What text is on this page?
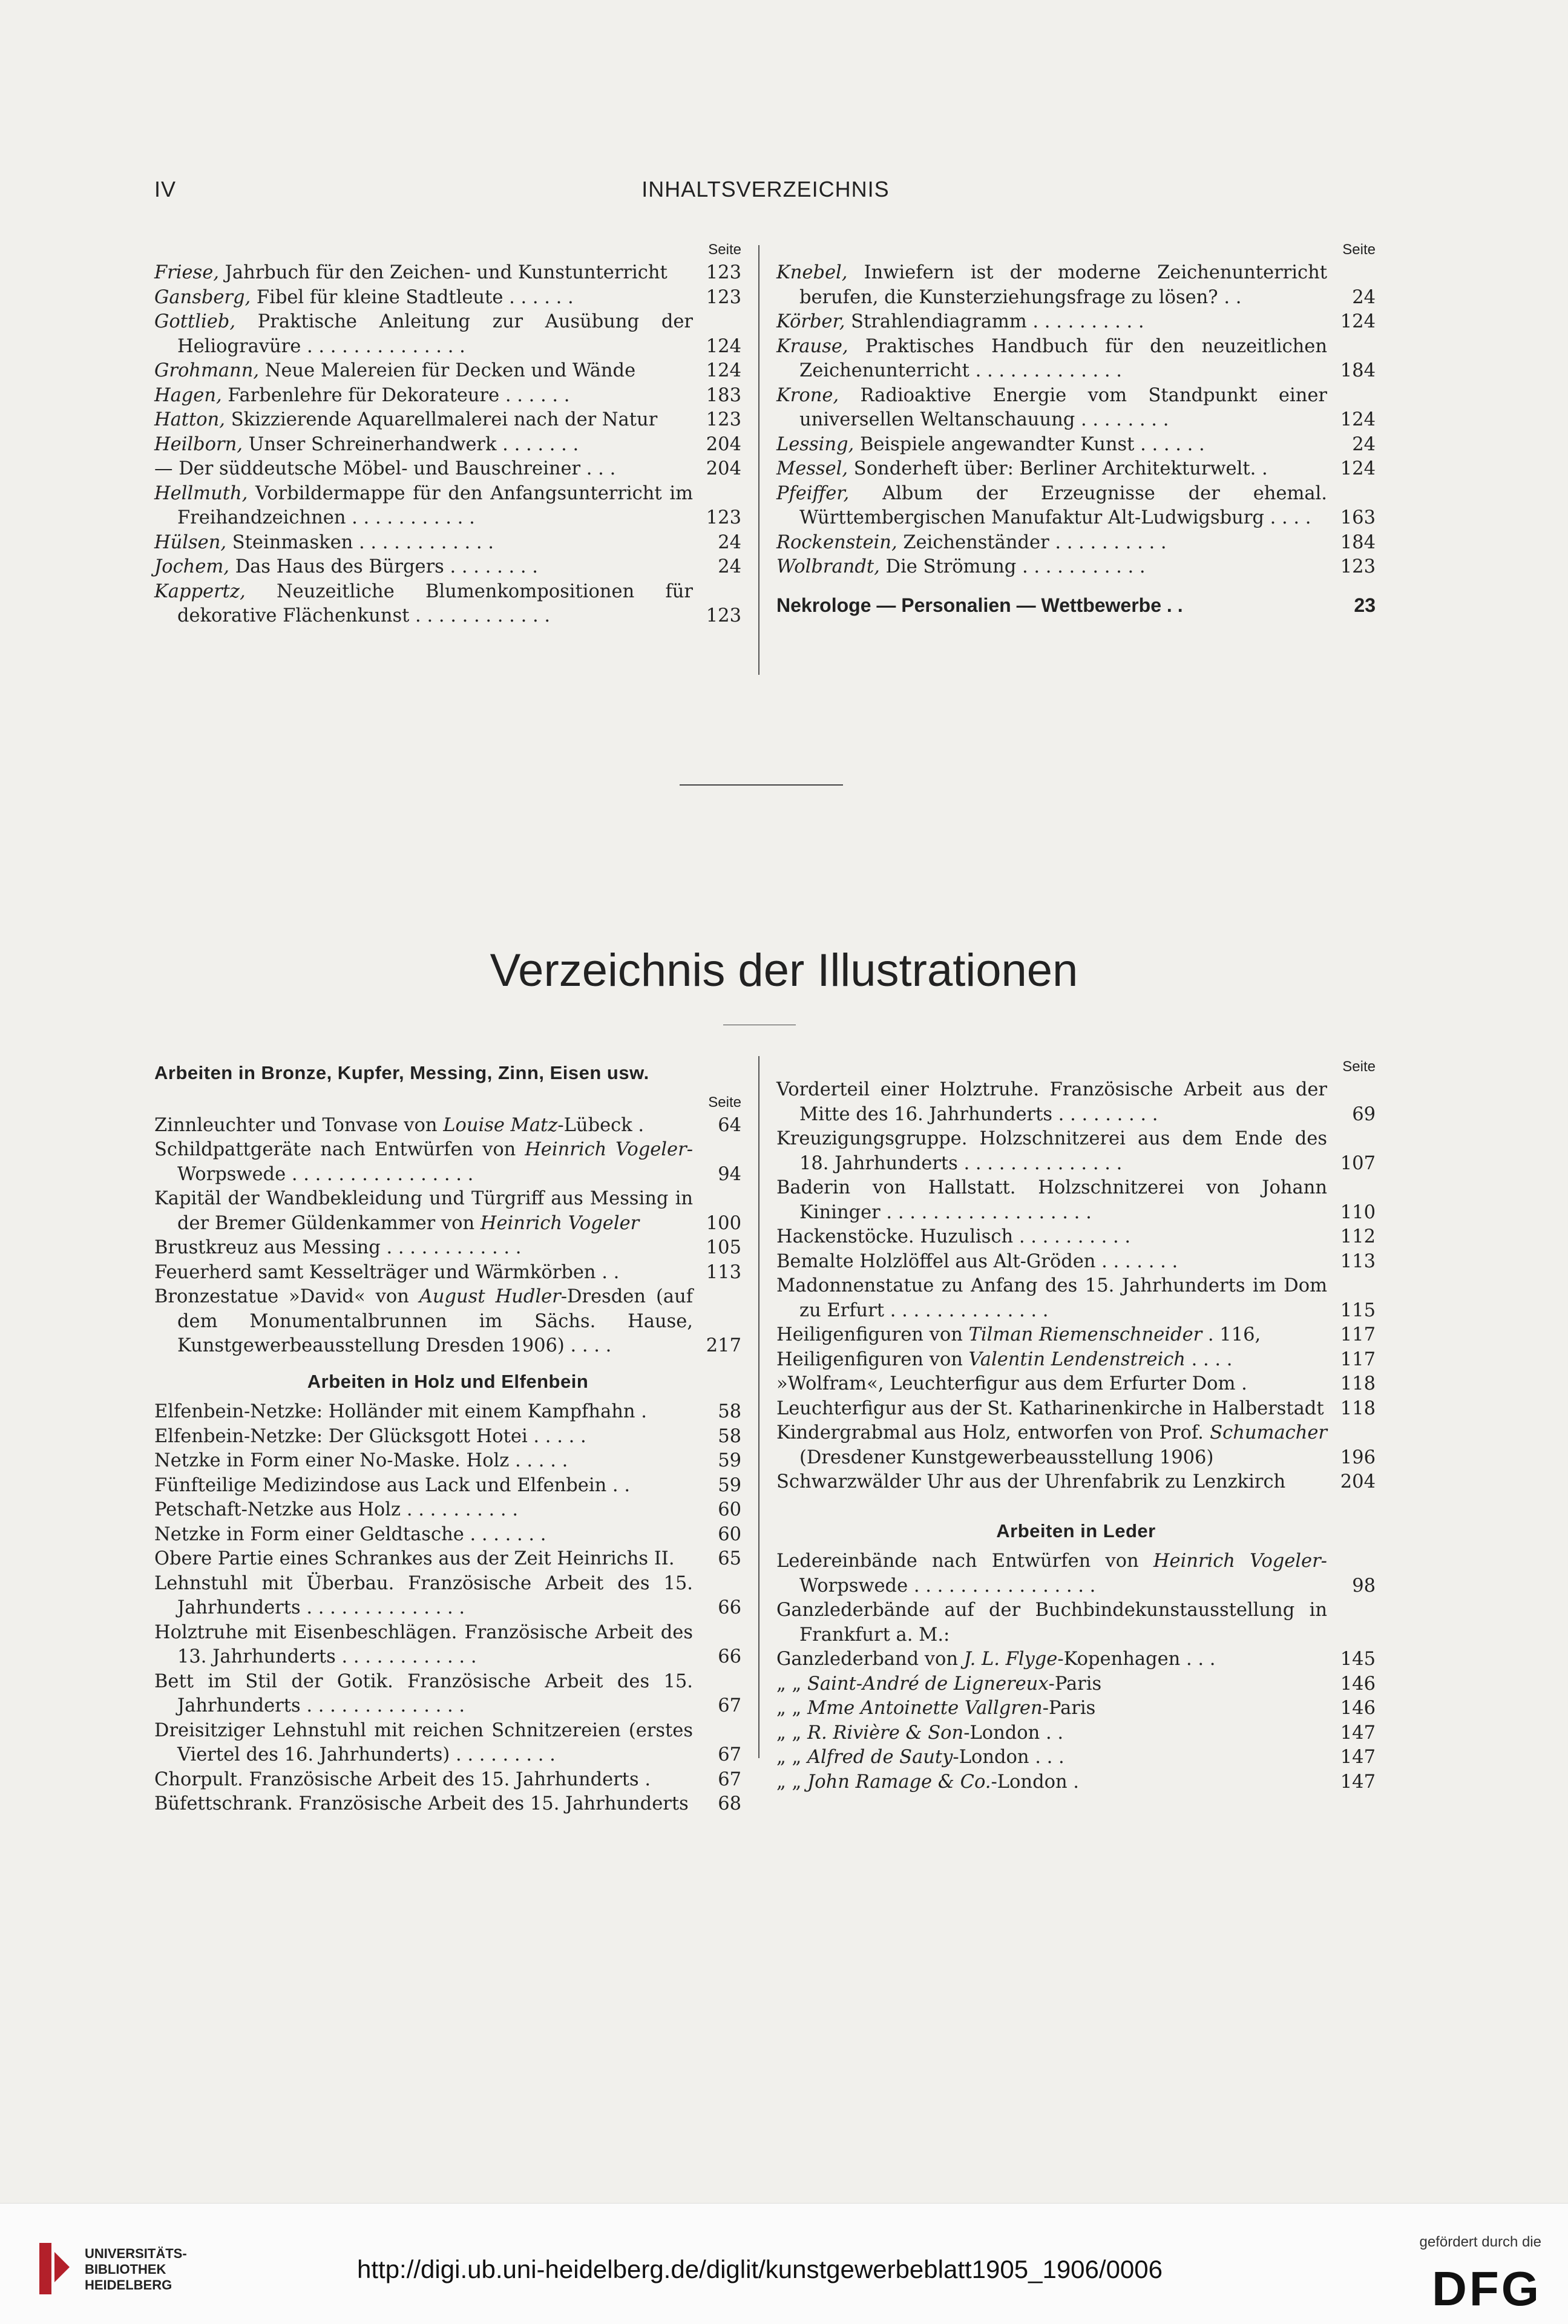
IV	INHALTSVERZEICHNIS
Seite
Friese, Jahrbuch für den Zeichen- und Kunstunterricht	123
Gansberg, Fibel für kleine Stadtleute . . . . . .	123
Gottlieb, Praktische Anleitung zur Ausübung der Heliogravüre . . . . . . . . . . . . . .	124
Grohmann, Neue Malereien für Decken und Wände	124
Hagen, Farbenlehre für Dekorateure . . . . . .	183
Hatton, Skizzierende Aquarellmalerei nach der Natur	123
Heilborn, Unser Schreinerhandwerk . . . . . . .	204
— Der süddeutsche Möbel- und Bauschreiner . . .	204
Hellmuth, Vorbildermappe für den Anfangsunterricht im Freihandzeichnen . . . . . . . . . . .	123
Hülsen, Steinmasken . . . . . . . . . . . .	24
Jochem, Das Haus des Bürgers . . . . . . . .	24
Kappertz, Neuzeitliche Blumenkompositionen für dekorative Flächenkunst . . . . . . . . . . . .	123
Seite
Knebel, Inwiefern ist der moderne Zeichenunterricht berufen, die Kunsterziehungsfrage zu lösen? . .	24
Körber, Strahlendiagramm . . . . . . . . . .	124
Krause, Praktisches Handbuch für den neuzeitlichen Zeichenunterricht . . . . . . . . . . . . .	184
Krone, Radioaktive Energie vom Standpunkt einer universellen Weltanschauung . . . . . . . .	124
Lessing, Beispiele angewandter Kunst . . . . . .	24
Messel, Sonderheft über: Berliner Architekturwelt. .	124
Pfeiffer, Album der Erzeugnisse der ehemal. Württembergischen Manufaktur Alt-Ludwigsburg . . . .	163
Rockenstein, Zeichenständer . . . . . . . . . .	184
Wolbrandt, Die Strömung . . . . . . . . . . .	123
Nekrologe — Personalien — Wettbewerbe . .	23
Verzeichnis der Illustrationen
Arbeiten in Bronze, Kupfer, Messing, Zinn, Eisen usw.
Seite
Zinnleuchter und Tonvase von Louise Matz-Lübeck .	64
Schildpattgeräte nach Entwürfen von Heinrich Vogeler-Worpswede . . . . . . . . . . . . . . . .	94
Kapitäl der Wandbekleidung und Türgriff aus Messing in der Bremer Güldenkammer von Heinrich Vogeler	100
Brustkreuz aus Messing . . . . . . . . . . . .	105
Feuerherd samt Kesselträger und Wärmkörben . .	113
Bronzestatue »David« von August Hudler-Dresden (auf dem Monumentalbrunnen im Sächs. Hause, Kunstgewerbeausstellung Dresden 1906) . . . .	217
Arbeiten in Holz und Elfenbein
Elfenbein-Netzke: Holländer mit einem Kampfhahn .	58
Elfenbein-Netzke: Der Glücksgott Hotei . . . . .	58
Netzke in Form einer No-Maske. Holz . . . . .	59
Fünfteilige Medizindose aus Lack und Elfenbein . .	59
Petschaft-Netzke aus Holz . . . . . . . . . .	60
Netzke in Form einer Geldtasche . . . . . . .	60
Obere Partie eines Schrankes aus der Zeit Heinrichs II.	65
Lehnstuhl mit Überbau. Französische Arbeit des 15. Jahrhunderts . . . . . . . . . . . . . .	66
Holztruhe mit Eisenbeschlägen. Französische Arbeit des 13. Jahrhunderts . . . . . . . . . . . .	66
Bett im Stil der Gotik. Französische Arbeit des 15. Jahrhunderts . . . . . . . . . . . . . .	67
Dreisitziger Lehnstuhl mit reichen Schnitzereien (erstes Viertel des 16. Jahrhunderts) . . . . . . . . .	67
Chorpult. Französische Arbeit des 15. Jahrhunderts .	67
Büfettschrank. Französische Arbeit des 15. Jahrhunderts	68
Seite
Vorderteil einer Holztruhe. Französische Arbeit aus der Mitte des 16. Jahrhunderts . . . . . . . . .	69
Kreuzigungsgruppe. Holzschnitzerei aus dem Ende des 18. Jahrhunderts . . . . . . . . . . . . . .	107
Baderin von Hallstatt. Holzschnitzerei von Johann Kininger . . . . . . . . . . . . . . . . . .	110
Hackenstöcke. Huzulisch . . . . . . . . . .	112
Bemalte Holzlöffel aus Alt-Gröden . . . . . . .	113
Madonnenstatue zu Anfang des 15. Jahrhunderts im Dom zu Erfurt . . . . . . . . . . . . . .	115
Heiligenfiguren von Tilman Riemenschneider . 116,	117
Heiligenfiguren von Valentin Lendenstreich . . . .	117
»Wolfram«, Leuchterfigur aus dem Erfurter Dom .	118
Leuchterfigur aus der St. Katharinenkirche in Halberstadt 118
Kindergrabmal aus Holz, entworfen von Prof. Schumacher (Dresdener Kunstgewerbeausstellung 1906)	196
Schwarzwälder Uhr aus der Uhrenfabrik zu Lenzkirch	204
Arbeiten in Leder
Ledereinbände nach Entwürfen von Heinrich Vogeler-Worpswede . . . . . . . . . . . . . . . .	98
Ganzlederbände auf der Buchbindekunstausstellung in Frankfurt a. M.:
Ganzlederband von J. L. Flyge-Kopenhagen . . .	145
„ „ Saint-André de Lignereux-Paris	146
„ „ Mme Antoinette Vallgren-Paris	146
„ „ R. Rivière & Son-London . .	147
„ „ Alfred de Sauty-London . . .	147
„ „ John Ramage & Co.-London .	147
UNIVERSITÄTS-
BIBLIOTHEK
HEIDELBERG
http://digi.ub.uni-heidelberg.de/diglit/kunstgewerbeblatt1905_1906/0006
gefördert durch die
DFG
